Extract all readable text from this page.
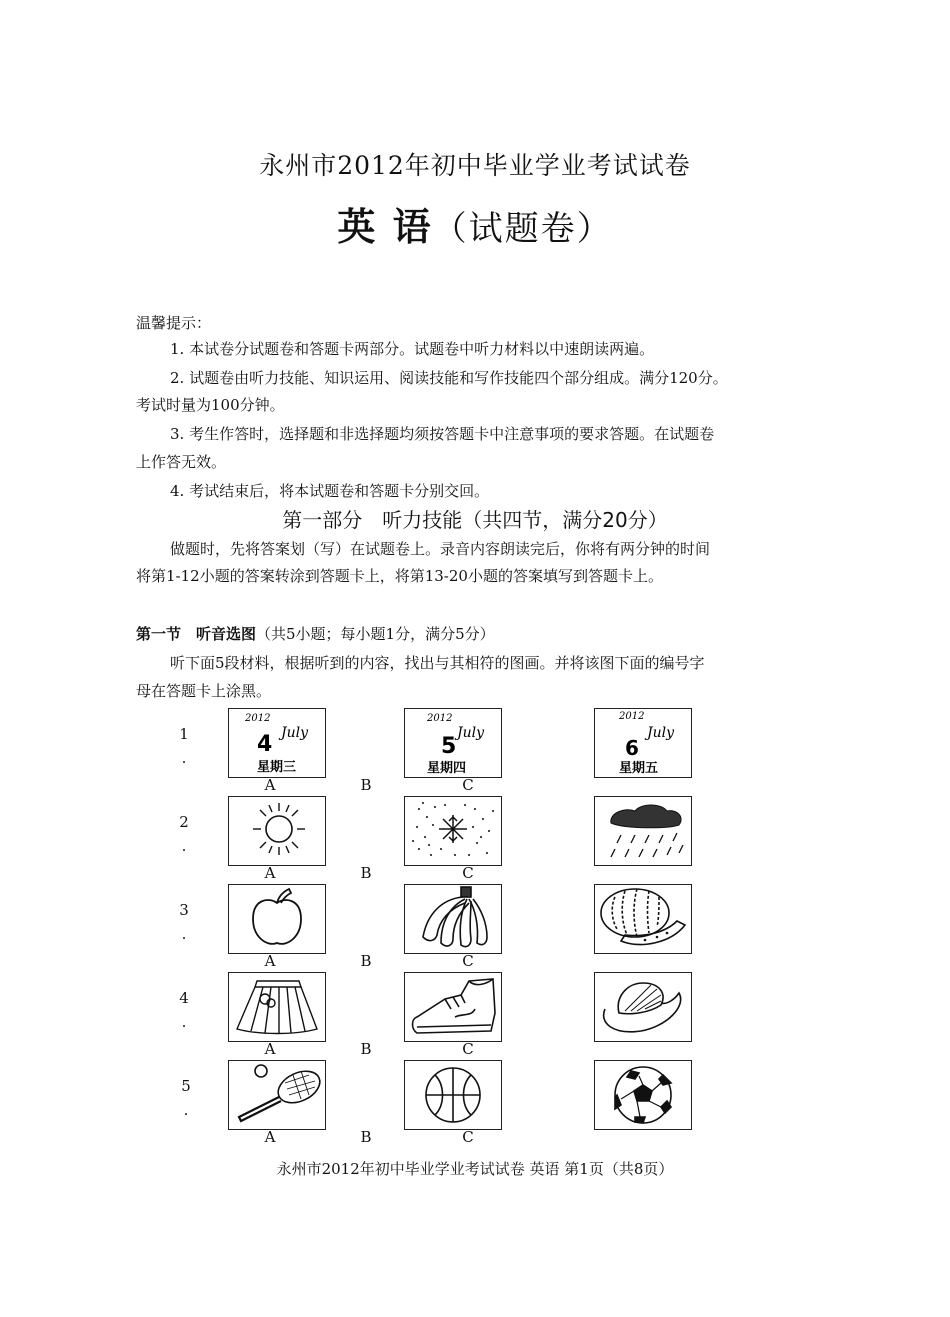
永州市2012年初中毕业学业考试试卷
英 语（试题卷）
温馨提示：
1. 本试卷分试题卷和答题卡两部分。试题卷中听力材料以中速朗读两遍。
2. 试题卷由听力技能、知识运用、阅读技能和写作技能四个部分组成。满分120分。
考试时量为100分钟。
3. 考生作答时，选择题和非选择题均须按答题卡中注意事项的要求答题。在试题卷
上作答无效。
4. 考试结束后，将本试题卷和答题卡分别交回。
第一部分　听力技能（共四节，满分20分）
做题时，先将答案划（写）在试题卷上。录音内容朗读完后，你将有两分钟的时间
将第1-12小题的答案转涂到答题卡上，将第13-20小题的答案填写到答题卡上。
第一节　听音选图（共5小题；每小题1分，满分5分）
听下面5段材料，根据听到的内容，找出与其相符的图画。并将该图下面的编号字
母在答题卡上涂黑。
1
.
2012
July
4
星期三
2012
July
5
星期四
2012
July
6
星期五
A	B	C
2
.
A	B	C
3
.
A	B	C
4
.
A	B	C
5
.
A	B	C
永州市2012年初中毕业学业考试试卷 英语 第1页（共8页）
